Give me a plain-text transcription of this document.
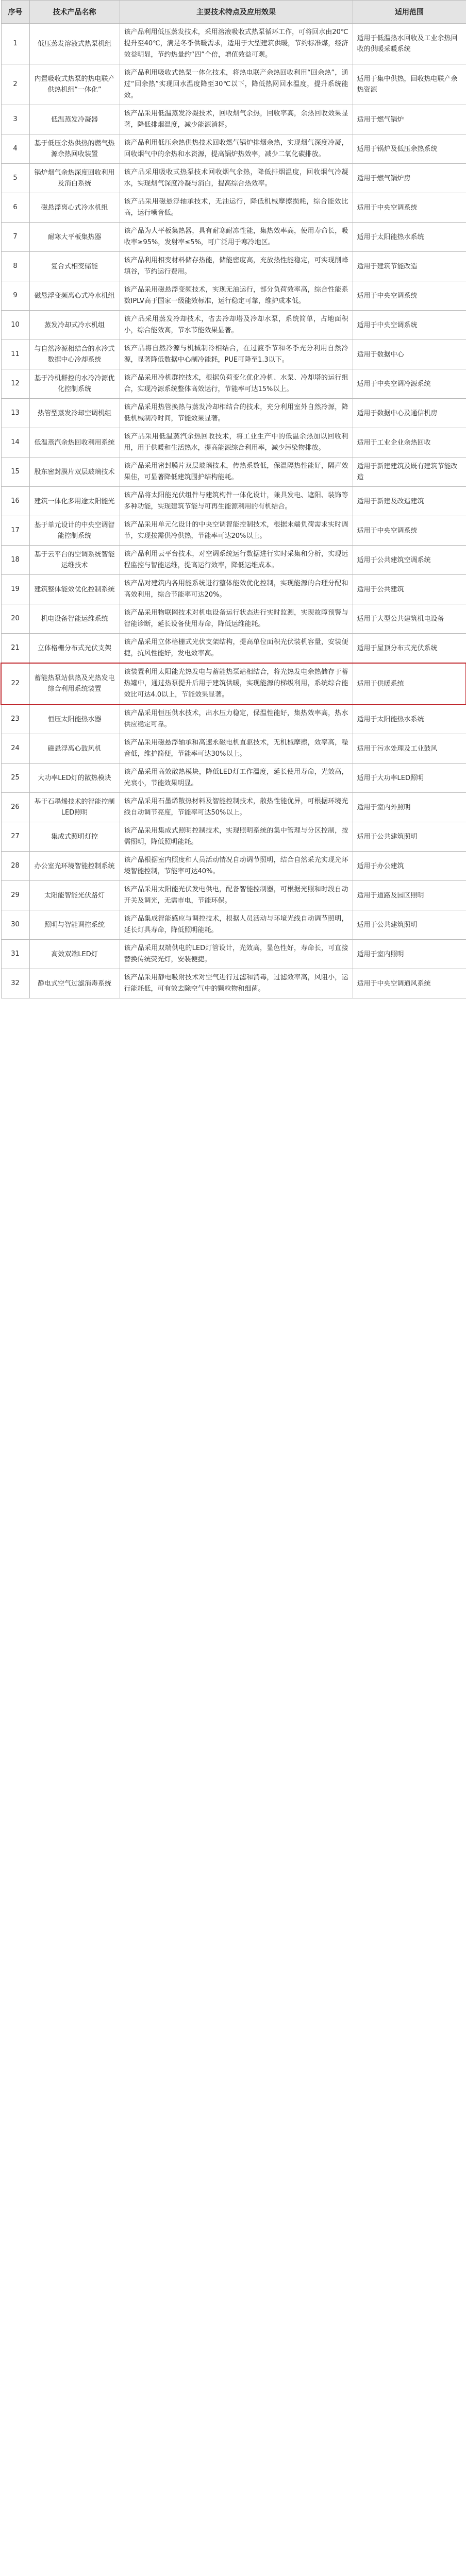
序号	技术产品名称	主要技术特点及应用效果	适用范围
1	低压蒸发溶液式热泵机组	该产品利用低压蒸发技术，采用溶液吸收式热泵循环工作，可将回水由20℃提升至40℃，满足冬季供暖需求，适用于大型建筑供暖，节约标准煤，经济效益明显，节约热量约“四”个倍，增值效益可观。	适用于低温热水回收及工业余热回收的供暖采暖系统
2	内置吸收式热泵的热电联产供热机组“一体化”	该产品利用吸收式热泵一体化技术，将热电联产余热回收利用“回余热”，通过“回余热”实现回水温度降至30℃以下，降低热网回水温度，提升系统能效。	适用于集中供热，回收热电联产余热资源
3	低温蒸发冷凝器	该产品采用低温蒸发冷凝技术，回收烟气余热，回收率高，余热回收效果显著，降低排烟温度，减少能源消耗。	适用于燃气锅炉
4	基于低压余热供热的燃气热源余热回收装置	该产品利用低压余热供热技术回收燃气锅炉排烟余热，实现烟气深度冷凝，回收烟气中的余热和水资源，提高锅炉热效率，减少二氧化碳排放。	适用于锅炉及低压余热系统
5	锅炉烟气余热深度回收利用及消白系统	该产品采用吸收式热泵技术回收烟气余热，降低排烟温度，回收烟气冷凝水，实现烟气深度冷凝与消白，提高综合热效率。	适用于燃气锅炉房
6	磁悬浮离心式冷水机组	该产品采用磁悬浮轴承技术，无油运行，降低机械摩擦损耗，综合能效比高，运行噪音低。	适用于中央空调系统
7	耐寒大平板集热器	该产品为大平板集热器，具有耐寒耐冻性能，集热效率高，使用寿命长，吸收率≥95%，发射率≤5%，可广泛用于寒冷地区。	适用于太阳能热水系统
8	复合式相变储能	该产品利用相变材料储存热能，储能密度高，充放热性能稳定，可实现削峰填谷，节约运行费用。	适用于建筑节能改造
9	磁悬浮变频离心式冷水机组	该产品采用磁悬浮变频技术，实现无油运行，部分负荷效率高，综合性能系数IPLV高于国家一级能效标准，运行稳定可靠，维护成本低。	适用于中央空调系统
10	蒸发冷却式冷水机组	该产品采用蒸发冷却技术，省去冷却塔及冷却水泵，系统简单，占地面积小，综合能效高，节水节能效果显著。	适用于中央空调系统
11	与自然冷源相结合的水冷式数据中心冷却系统	该产品将自然冷源与机械制冷相结合，在过渡季节和冬季充分利用自然冷源，显著降低数据中心制冷能耗，PUE可降至1.3以下。	适用于数据中心
12	基于冷机群控的水冷冷源优化控制系统	该产品采用冷机群控技术，根据负荷变化优化冷机、水泵、冷却塔的运行组合，实现冷源系统整体高效运行，节能率可达15%以上。	适用于中央空调冷源系统
13	热管型蒸发冷却空调机组	该产品采用热管换热与蒸发冷却相结合的技术，充分利用室外自然冷源，降低机械制冷时间，节能效果显著。	适用于数据中心及通信机房
14	低温蒸汽余热回收利用系统	该产品采用低温蒸汽余热回收技术，将工业生产中的低温余热加以回收利用，用于供暖和生活热水，提高能源综合利用率，减少污染物排放。	适用于工业企业余热回收
15	股东密封膜片双层玻璃技术	该产品采用密封膜片双层玻璃技术，传热系数低，保温隔热性能好，隔声效果佳，可显著降低建筑围护结构能耗。	适用于新建建筑及既有建筑节能改造
16	建筑一体化多用途太阳能光	该产品将太阳能光伏组件与建筑构件一体化设计，兼具发电、遮阳、装饰等多种功能，实现建筑节能与可再生能源利用的有机结合。	适用于新建及改造建筑
17	基于单元设计的中央空调智能控制系统	该产品采用单元化设计的中央空调智能控制技术，根据末端负荷需求实时调节，实现按需供冷供热，节能率可达20%以上。	适用于中央空调系统
18	基于云平台的空调系统智能运维技术	该产品利用云平台技术，对空调系统运行数据进行实时采集和分析，实现远程监控与智能运维，提高运行效率，降低运维成本。	适用于公共建筑空调系统
19	建筑整体能效优化控制系统	该产品对建筑内各用能系统进行整体能效优化控制，实现能源的合理分配和高效利用，综合节能率可达20%。	适用于公共建筑
20	机电设备智能运维系统	该产品采用物联网技术对机电设备运行状态进行实时监测，实现故障预警与智能诊断，延长设备使用寿命，降低运维能耗。	适用于大型公共建筑机电设备
21	立体格栅分布式光伏支架	该产品采用立体格栅式光伏支架结构，提高单位面积光伏装机容量，安装便捷，抗风性能好，发电效率高。	适用于屋顶分布式光伏系统
22	蓄能热泵站供热及光热发电综合利用系统装置	该装置利用太阳能光热发电与蓄能热泵站相结合，将光热发电余热储存于蓄热罐中，通过热泵提升后用于建筑供暖，实现能源的梯级利用，系统综合能效比可达4.0以上，节能效果显著。	适用于供暖系统
23	恒压太阳能热水器	该产品采用恒压供水技术，出水压力稳定，保温性能好，集热效率高，热水供应稳定可靠。	适用于太阳能热水系统
24	磁悬浮离心鼓风机	该产品采用磁悬浮轴承和高速永磁电机直驱技术，无机械摩擦，效率高，噪音低，维护简便，节能率可达30%以上。	适用于污水处理及工业鼓风
25	大功率LED灯的散热模块	该产品采用高效散热模块，降低LED灯工作温度，延长使用寿命，光效高，光衰小，节能效果明显。	适用于大功率LED照明
26	基于石墨烯技术的智能控制LED照明	该产品采用石墨烯散热材料及智能控制技术，散热性能优异，可根据环境光线自动调节亮度，节能率可达50%以上。	适用于室内外照明
27	集成式照明灯控	该产品采用集成式照明控制技术，实现照明系统的集中管理与分区控制，按需照明，降低照明能耗。	适用于公共建筑照明
28	办公室光环境智能控制系统	该产品根据室内照度和人员活动情况自动调节照明，结合自然采光实现光环境智能控制，节能率可达40%。	适用于办公建筑
29	太阳能智能光伏路灯	该产品采用太阳能光伏发电供电，配备智能控制器，可根据光照和时段自动开关及调光，无需市电，节能环保。	适用于道路及园区照明
30	照明与智能调控系统	该产品集成智能感应与调控技术，根据人员活动与环境光线自动调节照明，延长灯具寿命，降低照明能耗。	适用于公共建筑照明
31	高效双端LED灯	该产品采用双端供电的LED灯管设计，光效高，显色性好，寿命长，可直接替换传统荧光灯，安装便捷。	适用于室内照明
32	静电式空气过滤消毒系统	该产品采用静电吸附技术对空气进行过滤和消毒，过滤效率高，风阻小，运行能耗低，可有效去除空气中的颗粒物和细菌。	适用于中央空调通风系统
